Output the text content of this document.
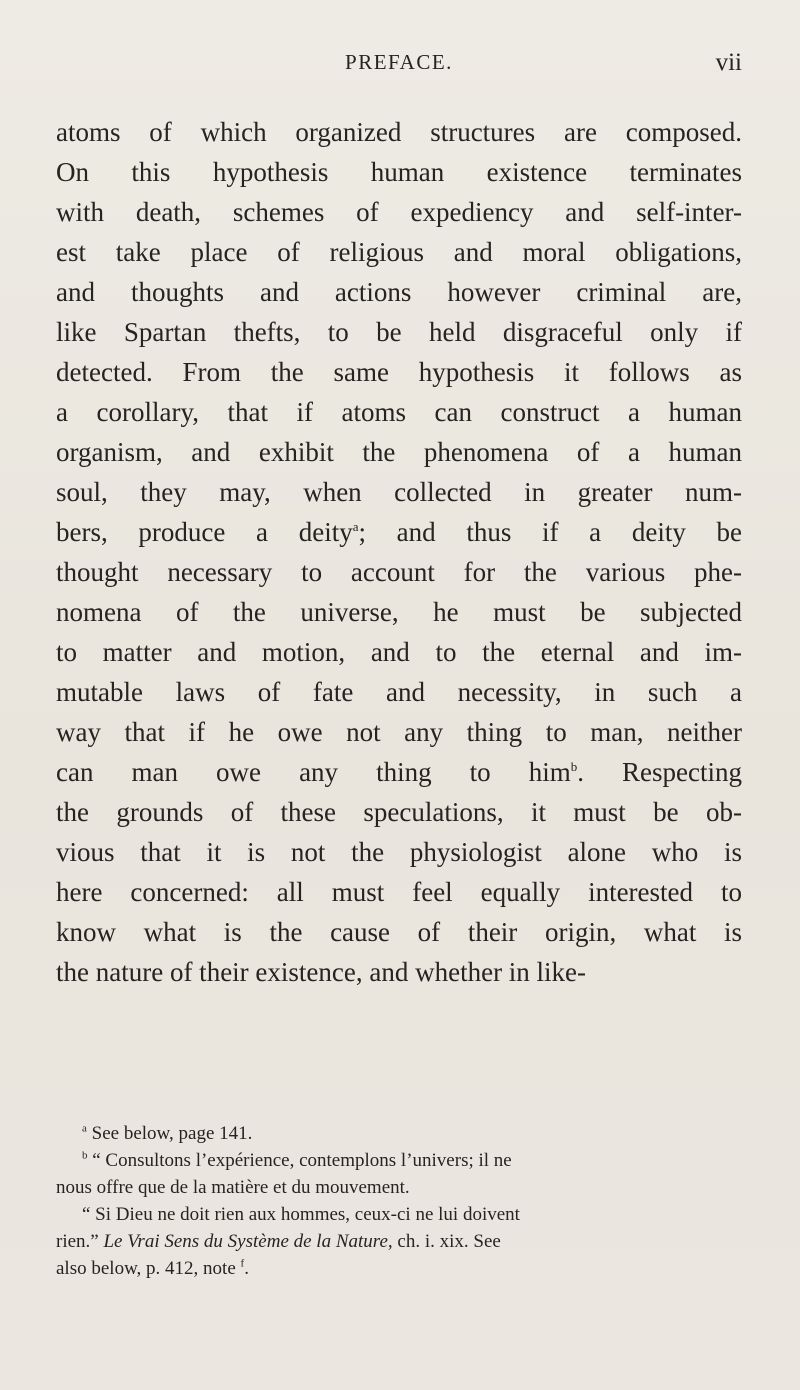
PREFACE.	vii
atoms of which organized structures are composed.
On this hypothesis human existence terminates
with death, schemes of expediency and self-inter-
est take place of religious and moral obligations,
and thoughts and actions however criminal are,
like Spartan thefts, to be held disgraceful only if
detected. From the same hypothesis it follows as
a corollary, that if atoms can construct a human
organism, and exhibit the phenomena of a human
soul, they may, when collected in greater num-
bers, produce a deity$^a$; and thus if a deity be
thought necessary to account for the various phe-
nomena of the universe, he must be subjected
to matter and motion, and to the eternal and im-
mutable laws of fate and necessity, in such a
way that if he owe not any thing to man, neither
can man owe any thing to him$^b$. Respecting
the grounds of these speculations, it must be ob-
vious that it is not the physiologist alone who is
here concerned: all must feel equally interested to
know what is the cause of their origin, what is
the nature of their existence, and whether in like-
$^a$ See below, page 141.
$^b$ “ Consultons l’expérience, contemplons l’univers; il ne
nous offre que de la matière et du mouvement.
“ Si Dieu ne doit rien aux hommes, ceux-ci ne lui doivent
rien.” Le Vrai Sens du Système de la Nature, ch. i. xix. See
also below, p. 412, note $^f$.
